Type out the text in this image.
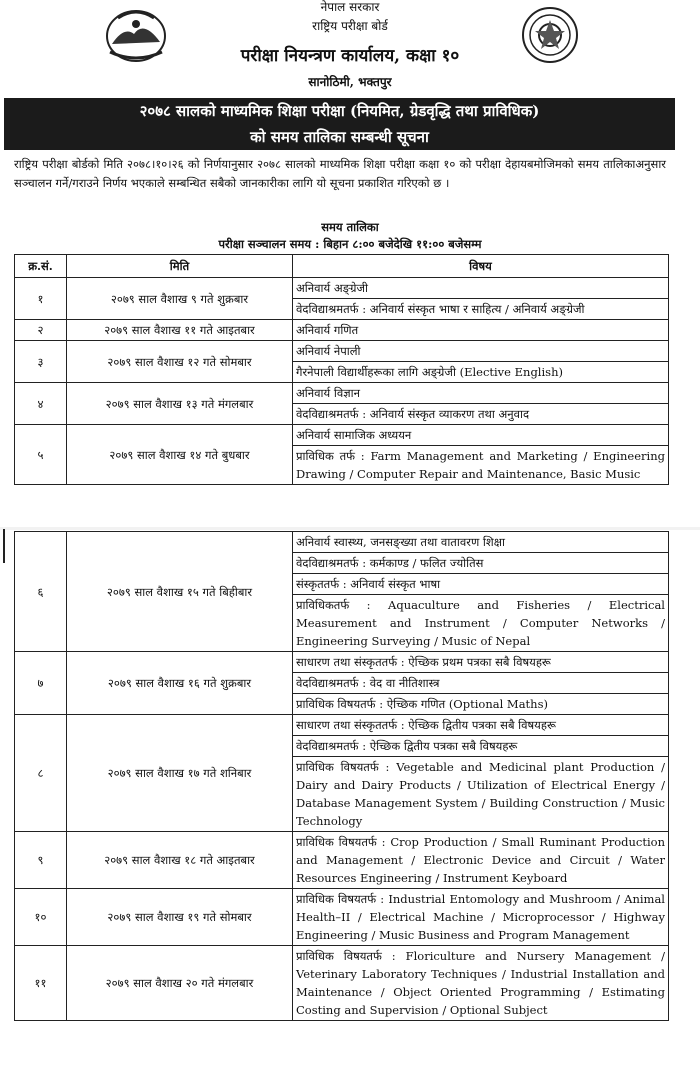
नेपाल सरकार
राष्ट्रिय परीक्षा बोर्ड
परीक्षा नियन्त्रण कार्यालय, कक्षा १०
सानोठिमी, भक्तपुर
२०७८ सालको माध्यमिक शिक्षा परीक्षा (नियमित, ग्रेडवृद्धि तथा प्राविधिक)
को समय तालिका सम्बन्धी सूचना
राष्ट्रिय परीक्षा बोर्डको मिति २०७८।१०।२६ को निर्णयानुसार २०७८ सालको माध्यमिक शिक्षा परीक्षा कक्षा १० को परीक्षा देहायबमोजिमको समय तालिकाअनुसार सञ्चालन गर्ने/गराउने निर्णय भएकाले सम्बन्धित सबैको जानकारीका लागि यो सूचना प्रकाशित गरिएको छ ।
समय तालिका
परीक्षा सञ्चालन समय : बिहान ८:०० बजेदेखि ११:०० बजेसम्म
क्र.सं.	मिति	विषय
१	२०७९ साल वैशाख ९ गते शुक्रबार	अनिवार्य अङ्ग्रेजी
		वेदविद्याश्रमतर्फ : अनिवार्य संस्कृत भाषा र साहित्य / अनिवार्य अङ्ग्रेजी
२	२०७९ साल वैशाख ११ गते आइतबार	अनिवार्य गणित
३	२०७९ साल वैशाख १२ गते सोमबार	अनिवार्य नेपाली
		गैरनेपाली विद्यार्थीहरूका लागि अङ्ग्रेजी (Elective English)
४	२०७९ साल वैशाख १३ गते मंगलबार	अनिवार्य विज्ञान
		वेदविद्याश्रमतर्फ : अनिवार्य संस्कृत व्याकरण तथा अनुवाद
५	२०७९ साल वैशाख १४ गते बुधबार	अनिवार्य सामाजिक अध्ययन
		प्राविधिक तर्फ : Farm Management and Marketing / Engineering Drawing / Computer Repair and Maintenance, Basic Music
६	२०७९ साल वैशाख १५ गते बिहीबार	अनिवार्य स्वास्थ्य, जनसङ्ख्या तथा वातावरण शिक्षा
		वेदविद्याश्रमतर्फ : कर्मकाण्ड / फलित ज्योतिस
		संस्कृततर्फ : अनिवार्य संस्कृत भाषा
		प्राविधिकतर्फ : Aquaculture and Fisheries / Electrical Measurement and Instrument / Computer Networks / Engineering Surveying / Music of Nepal
७	२०७९ साल वैशाख १६ गते शुक्रबार	साधारण तथा संस्कृततर्फ : ऐच्छिक प्रथम पत्रका सबै विषयहरू
		वेदविद्याश्रमतर्फ : वेद वा नीतिशास्त्र
		प्राविधिक विषयतर्फ : ऐच्छिक गणित (Optional Maths)
८	२०७९ साल वैशाख १७ गते शनिबार	साधारण तथा संस्कृततर्फ : ऐच्छिक द्वितीय पत्रका सबै विषयहरू
		वेदविद्याश्रमतर्फ : ऐच्छिक द्वितीय पत्रका सबै विषयहरू
		प्राविधिक विषयतर्फ : Vegetable and Medicinal plant Production / Dairy and Dairy Products / Utilization of Electrical Energy / Database Management System / Building Construction / Music Technology
९	२०७९ साल वैशाख १८ गते आइतबार	प्राविधिक विषयतर्फ : Crop Production / Small Ruminant Production and Management / Electronic Device and Circuit / Water Resources Engineering / Instrument Keyboard
१०	२०७९ साल वैशाख १९ गते सोमबार	प्राविधिक विषयतर्फ : Industrial Entomology and Mushroom / Animal Health–II / Electrical Machine / Microprocessor / Highway Engineering / Music Business and Program Management
११	२०७९ साल वैशाख २० गते मंगलबार	प्राविधिक विषयतर्फ : Floriculture and Nursery Management / Veterinary Laboratory Techniques / Industrial Installation and Maintenance / Object Oriented Programming / Estimating Costing and Supervision / Optional Subject
